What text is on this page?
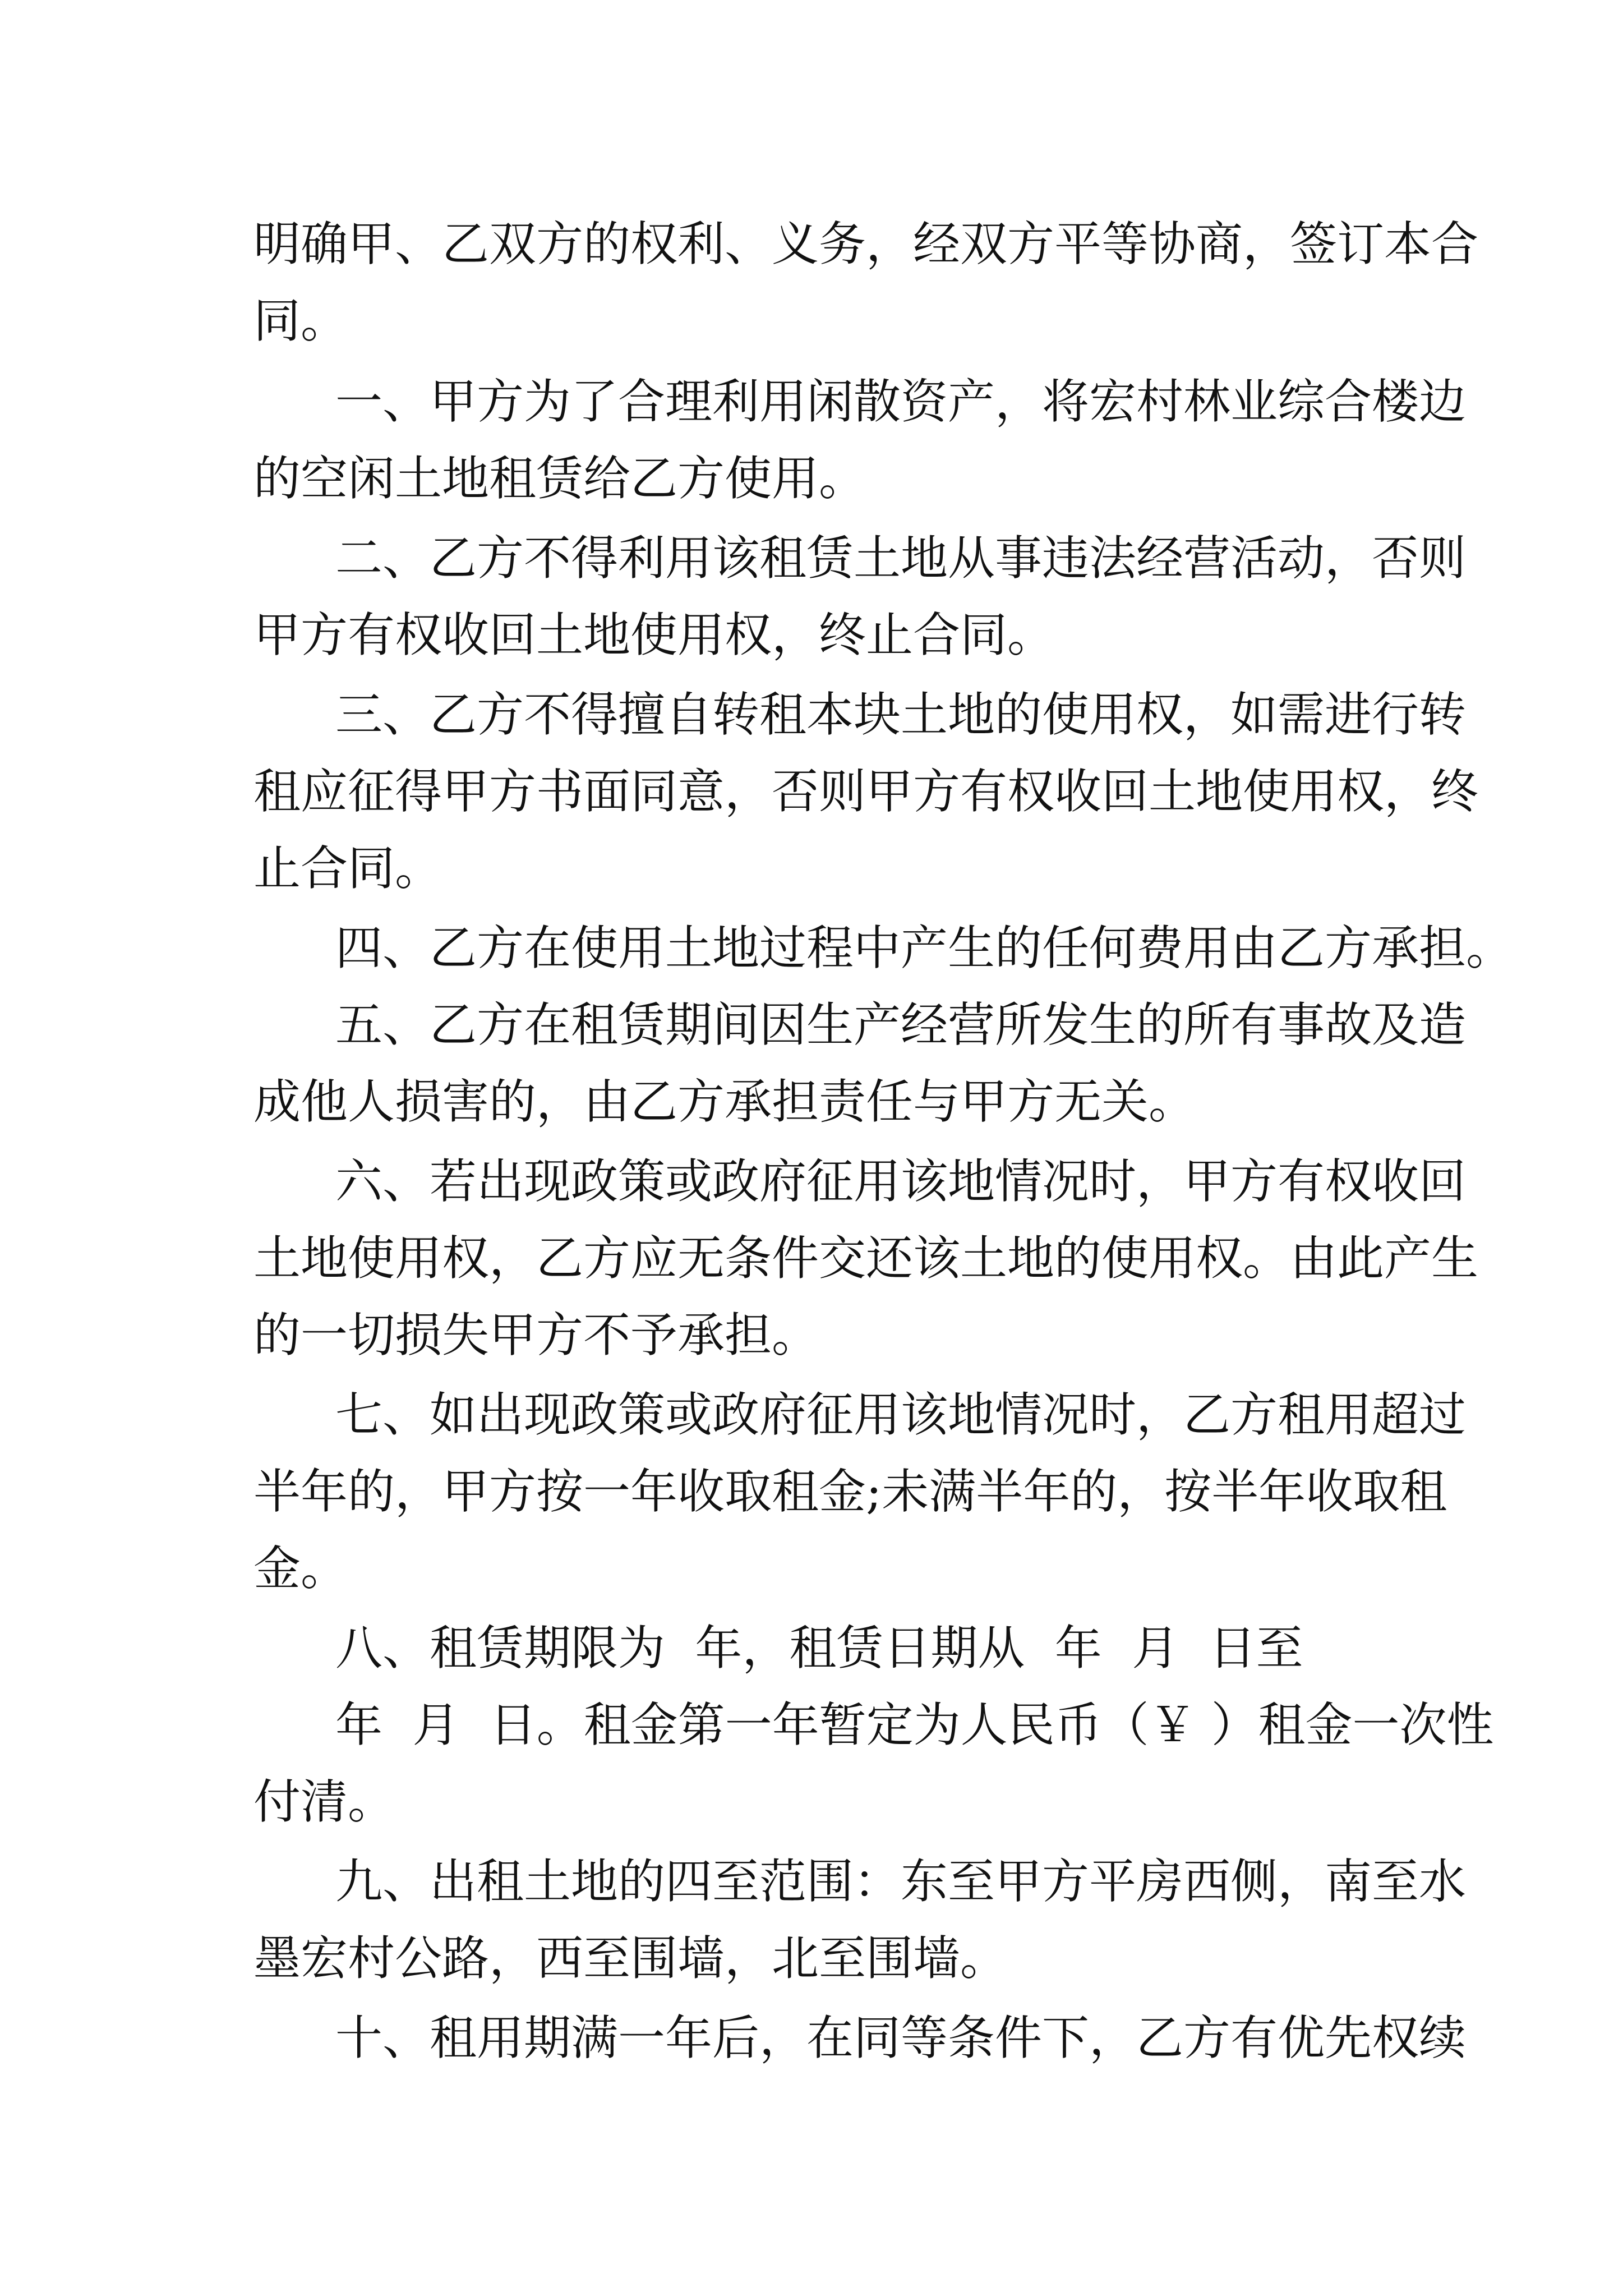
明确甲、乙双方的权利、义务，经双方平等协商，签订本合
同。
一、甲方为了合理利用闲散资产，将宏村林业综合楼边
的空闲土地租赁给乙方使用。
二、乙方不得利用该租赁土地从事违法经营活动，否则
甲方有权收回土地使用权，终止合同。
三、乙方不得擅自转租本块土地的使用权，如需进行转
租应征得甲方书面同意，否则甲方有权收回土地使用权，终
止合同。
四、乙方在使用土地过程中产生的任何费用由乙方承担。
五、乙方在租赁期间因生产经营所发生的所有事故及造
成他人损害的，由乙方承担责任与甲方无关。
六、若出现政策或政府征用该地情况时，甲方有权收回
土地使用权，乙方应无条件交还该土地的使用权。由此产生
的一切损失甲方不予承担。
七、如出现政策或政府征用该地情况时，乙方租用超过
半年的，甲方按一年收取租金;未满半年的，按半年收取租
金。
八、租赁期限为  年，租赁日期从  年  月  日至
年  月  日。租金第一年暂定为人民币（￥ ）租金一次性
付清。
九、出租土地的四至范围：东至甲方平房西侧，南至水
墨宏村公路，西至围墙，北至围墙。
十、租用期满一年后，在同等条件下，乙方有优先权续
